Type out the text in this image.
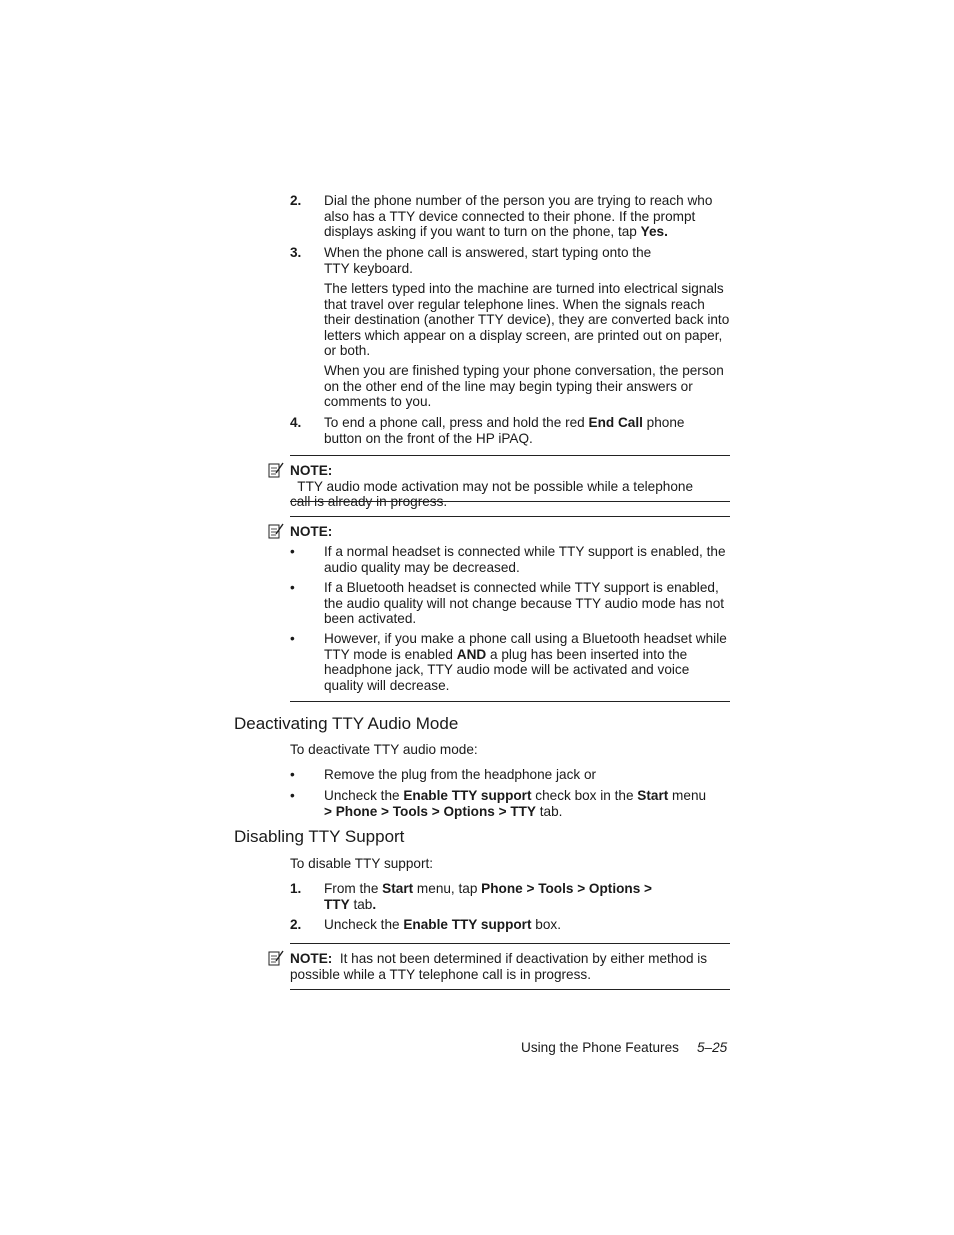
2. Dial the phone number of the person you are trying to reach who
also has a TTY device connected to their phone. If the prompt
displays asking if you want to turn on the phone, tap Yes.
3. When the phone call is answered, start typing onto the
TTY keyboard.
The letters typed into the machine are turned into electrical signals
that travel over regular telephone lines. When the signals reach
their destination (another TTY device), they are converted back into
letters which appear on a display screen, are printed out on paper,
or both.
When you are finished typing your phone conversation, the person
on the other end of the line may begin typing their answers or
comments to you.
4. To end a phone call, press and hold the red End Call phone
button on the front of the HP iPAQ.
NOTE:  TTY audio mode activation may not be possible while a telephone
call is already in progress.
NOTE:
• If a normal headset is connected while TTY support is enabled, the
audio quality may be decreased.
• If a Bluetooth headset is connected while TTY support is enabled,
the audio quality will not change because TTY audio mode has not
been activated.
• However, if you make a phone call using a Bluetooth headset while
TTY mode is enabled AND a plug has been inserted into the
headphone jack, TTY audio mode will be activated and voice
quality will decrease.
Deactivating TTY Audio Mode
To deactivate TTY audio mode:
• Remove the plug from the headphone jack or
• Uncheck the Enable TTY support check box in the Start menu
> Phone > Tools > Options > TTY tab.
Disabling TTY Support
To disable TTY support:
1. From the Start menu, tap Phone > Tools > Options >
TTY tab.
2. Uncheck the Enable TTY support box.
NOTE:  It has not been determined if deactivation by either method is
possible while a TTY telephone call is in progress.
Using the Phone Features 5–25
